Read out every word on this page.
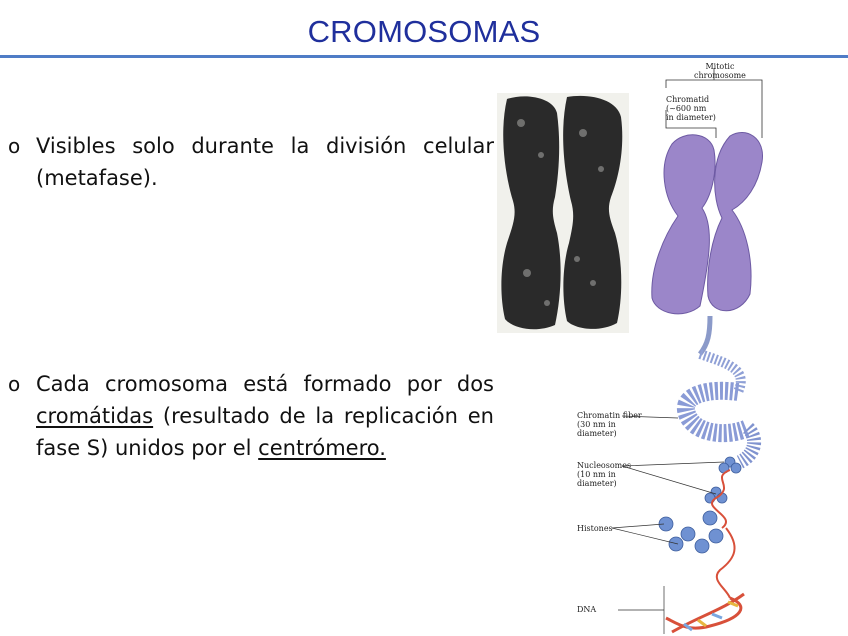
CROMOSOMAS
o Visibles solo durante la división celular (metafase).
o Cada cromosoma está formado por dos cromátidas (resultado de la replicación en fase S) unidos por el centrómero.
Mitotic
chromosome
Chromatid
(~600 nm
in diameter)
Chromatin fiber
(30 nm in
diameter)
Nucleosomes
(10 nm in
diameter)
Histones
DNA
